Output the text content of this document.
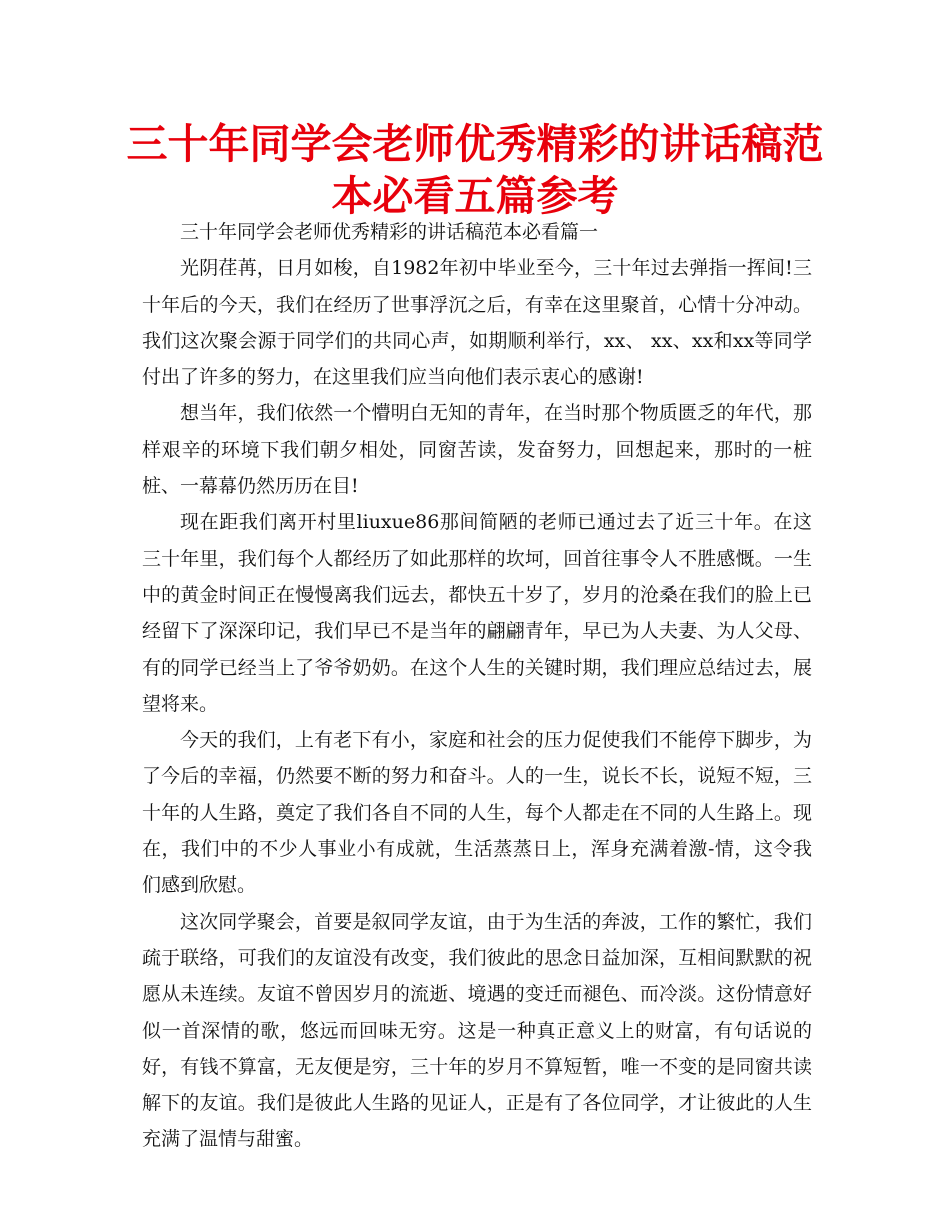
三十年同学会老师优秀精彩的讲话稿范本必看五篇参考

三十年同学会老师优秀精彩的讲话稿范本必看篇一

光阴荏苒，日月如梭，自1982年初中毕业至今，三十年过去弹指一挥间!三十年后的今天，我们在经历了世事浮沉之后，有幸在这里聚首，心情十分冲动。我们这次聚会源于同学们的共同心声，如期顺利举行，xx、 xx、xx和xx等同学付出了许多的努力，在这里我们应当向他们表示衷心的感谢!

想当年，我们依然一个懵明白无知的青年，在当时那个物质匮乏的年代，那样艰辛的环境下我们朝夕相处，同窗苦读，发奋努力，回想起来，那时的一桩桩、一幕幕仍然历历在目!

现在距我们离开村里liuxue86那间简陋的老师已通过去了近三十年。在这三十年里，我们每个人都经历了如此那样的坎坷，回首往事令人不胜感慨。一生中的黄金时间正在慢慢离我们远去，都快五十岁了，岁月的沧桑在我们的脸上已经留下了深深印记，我们早已不是当年的翩翩青年，早已为人夫妻、为人父母、有的同学已经当上了爷爷奶奶。在这个人生的关键时期，我们理应总结过去，展望将来。

今天的我们，上有老下有小，家庭和社会的压力促使我们不能停下脚步，为了今后的幸福，仍然要不断的努力和奋斗。人的一生，说长不长，说短不短，三十年的人生路，奠定了我们各自不同的人生，每个人都走在不同的人生路上。现在，我们中的不少人事业小有成就，生活蒸蒸日上，浑身充满着激-情，这令我们感到欣慰。

这次同学聚会，首要是叙同学友谊，由于为生活的奔波，工作的繁忙，我们疏于联络，可我们的友谊没有改变，我们彼此的思念日益加深，互相间默默的祝愿从未连续。友谊不曾因岁月的流逝、境遇的变迁而褪色、而冷淡。这份情意好似一首深情的歌，悠远而回味无穷。这是一种真正意义上的财富，有句话说的好，有钱不算富，无友便是穷，三十年的岁月不算短暂，唯一不变的是同窗共读解下的友谊。我们是彼此人生路的见证人，正是有了各位同学，才让彼此的人生充满了温情与甜蜜。
